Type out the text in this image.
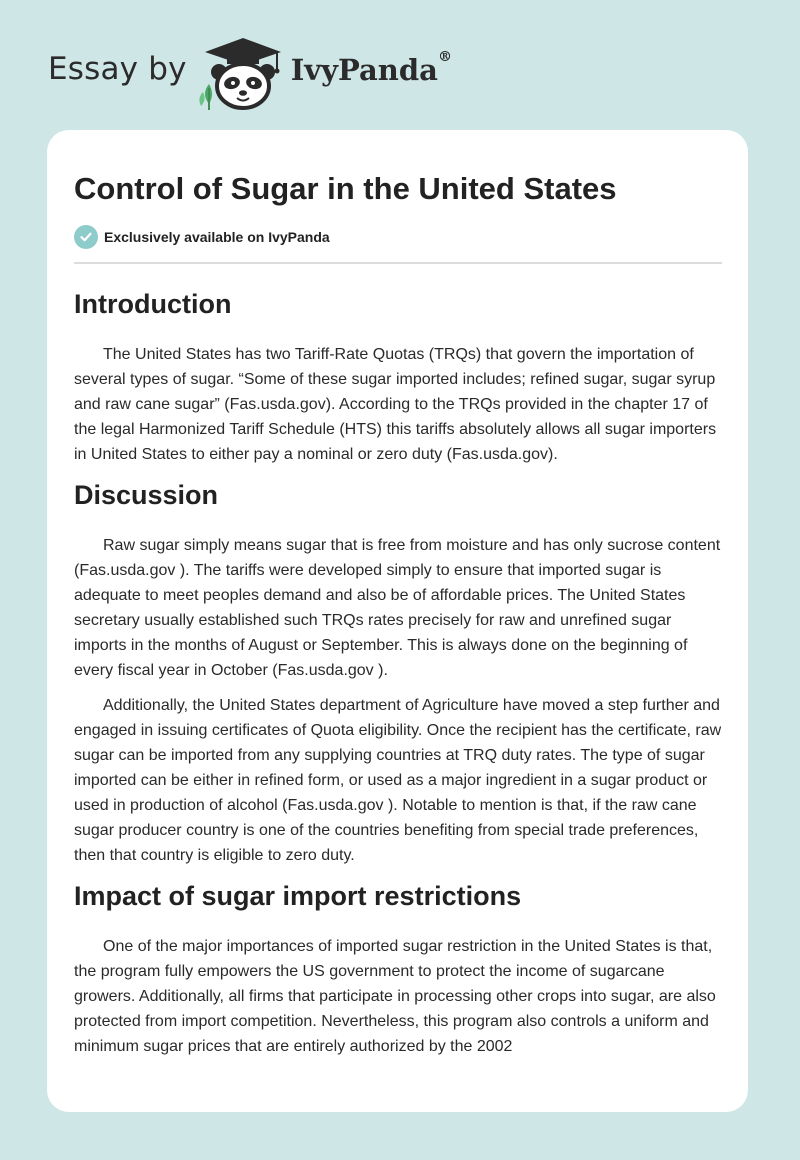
Essay by	IvyPanda®
Control of Sugar in the United States
Exclusively available on IvyPanda
Introduction

The United States has two Tariff-Rate Quotas (TRQs) that govern the importation of several types of sugar. “Some of these sugar imported includes; refined sugar, sugar syrup and raw cane sugar” (Fas.usda.gov). According to the TRQs provided in the chapter 17 of the legal Harmonized Tariff Schedule (HTS) this tariffs absolutely allows all sugar importers in United States to either pay a nominal or zero duty (Fas.usda.gov).

Discussion

Raw sugar simply means sugar that is free from moisture and has only sucrose content (Fas.usda.gov ). The tariffs were developed simply to ensure that imported sugar is adequate to meet peoples demand and also be of affordable prices. The United States secretary usually established such TRQs rates precisely for raw and unrefined sugar imports in the months of August or September. This is always done on the beginning of every fiscal year in October (Fas.usda.gov ).

Additionally, the United States department of Agriculture have moved a step further and engaged in issuing certificates of Quota eligibility. Once the recipient has the certificate, raw sugar can be imported from any supplying countries at TRQ duty rates. The type of sugar imported can be either in refined form, or used as a major ingredient in a sugar product or used in production of alcohol (Fas.usda.gov ). Notable to mention is that, if the raw cane sugar producer country is one of the countries benefiting from special trade preferences, then that country is eligible to zero duty.

Impact of sugar import restrictions

One of the major importances of imported sugar restriction in the United States is that, the program fully empowers the US government to protect the income of sugarcane growers. Additionally, all firms that participate in processing other crops into sugar, are also protected from import competition. Nevertheless, this program also controls a uniform and minimum sugar prices that are entirely authorized by the 2002
